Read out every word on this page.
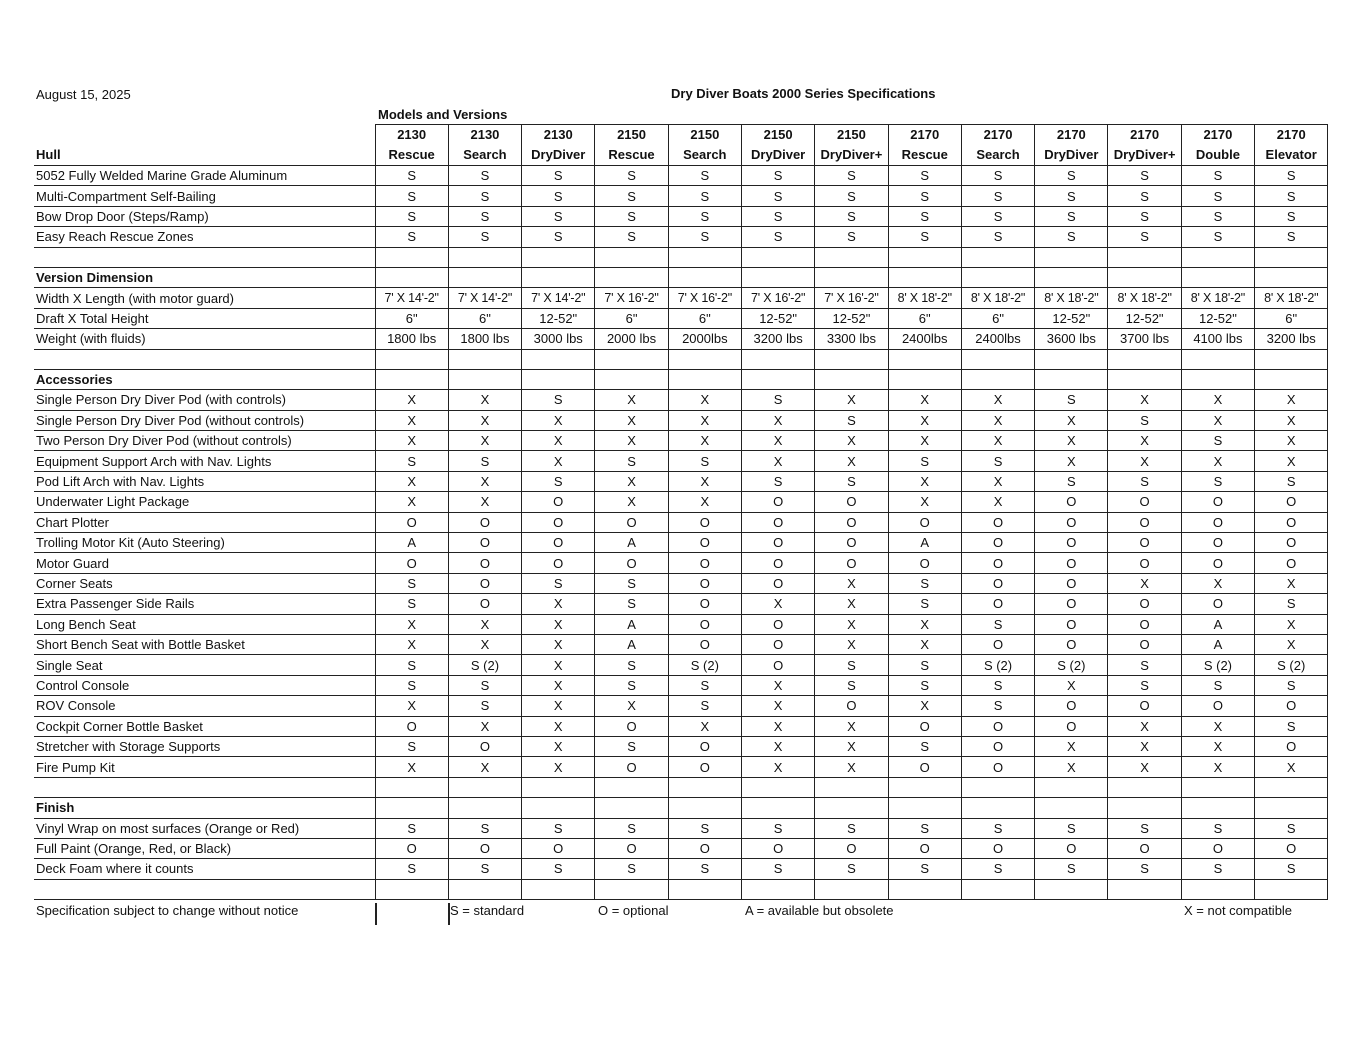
August 15, 2025	Dry Diver Boats 2000 Series Specifications
Models and Versions
	2130	2130	2130	2150	2150	2150	2150	2170	2170	2170	2170	2170	2170
Hull	Rescue	Search	DryDiver	Rescue	Search	DryDiver	DryDiver+	Rescue	Search	DryDiver	DryDiver+	Double	Elevator
5052 Fully Welded Marine Grade Aluminum	S	S	S	S	S	S	S	S	S	S	S	S	S
Multi-Compartment Self-Bailing	S	S	S	S	S	S	S	S	S	S	S	S	S
Bow Drop Door (Steps/Ramp)	S	S	S	S	S	S	S	S	S	S	S	S	S
Easy Reach Rescue Zones	S	S	S	S	S	S	S	S	S	S	S	S	S

Version Dimension													
Width X Length (with motor guard)	7' X 14'-2"	7' X 14'-2"	7' X 14'-2"	7' X 16'-2"	7' X 16'-2"	7' X 16'-2"	7' X 16'-2"	8' X 18'-2"	8' X 18'-2"	8' X 18'-2"	8' X 18'-2"	8' X 18'-2"	8' X 18'-2"
Draft X Total Height	6"	6"	12-52"	6"	6"	12-52"	12-52"	6"	6"	12-52"	12-52"	12-52"	6"
Weight (with fluids)	1800 lbs	1800 lbs	3000 lbs	2000 lbs	2000lbs	3200 lbs	3300 lbs	2400lbs	2400lbs	3600 lbs	3700 lbs	4100 lbs	3200 lbs

Accessories													
Single Person Dry Diver Pod (with controls)	X	X	S	X	X	S	X	X	X	S	X	X	X
Single Person Dry Diver Pod (without controls)	X	X	X	X	X	X	S	X	X	X	S	X	X
Two Person Dry Diver Pod (without controls)	X	X	X	X	X	X	X	X	X	X	X	S	X
Equipment Support Arch with Nav. Lights	S	S	X	S	S	X	X	S	S	X	X	X	X
Pod Lift Arch with Nav. Lights	X	X	S	X	X	S	S	X	X	S	S	S	S
Underwater Light Package	X	X	O	X	X	O	O	X	X	O	O	O	O
Chart Plotter	O	O	O	O	O	O	O	O	O	O	O	O	O
Trolling Motor Kit (Auto Steering)	A	O	O	A	O	O	O	A	O	O	O	O	O
Motor Guard	O	O	O	O	O	O	O	O	O	O	O	O	O
Corner Seats	S	O	S	S	O	O	X	S	O	O	X	X	X
Extra Passenger Side Rails	S	O	X	S	O	X	X	S	O	O	O	O	S
Long Bench Seat	X	X	X	A	O	O	X	X	S	O	O	A	X
Short Bench Seat with Bottle Basket	X	X	X	A	O	O	X	X	O	O	O	A	X
Single Seat	S	S (2)	X	S	S (2)	O	S	S	S (2)	S (2)	S	S (2)	S (2)
Control Console	S	S	X	S	S	X	S	S	S	X	S	S	S
ROV Console	X	S	X	X	S	X	O	X	S	O	O	O	O
Cockpit Corner Bottle Basket	O	X	X	O	X	X	X	O	O	O	X	X	S
Stretcher with Storage Supports	S	O	X	S	O	X	X	S	O	X	X	X	O
Fire Pump Kit	X	X	X	O	O	X	X	O	O	X	X	X	X

Finish													
Vinyl Wrap on most surfaces (Orange or Red)	S	S	S	S	S	S	S	S	S	S	S	S	S
Full Paint (Orange, Red, or Black)	O	O	O	O	O	O	O	O	O	O	O	O	O
Deck Foam where it counts	S	S	S	S	S	S	S	S	S	S	S	S	S

Specification subject to change without notice	S = standard	O = optional	A = available but obsolete	X = not compatible
